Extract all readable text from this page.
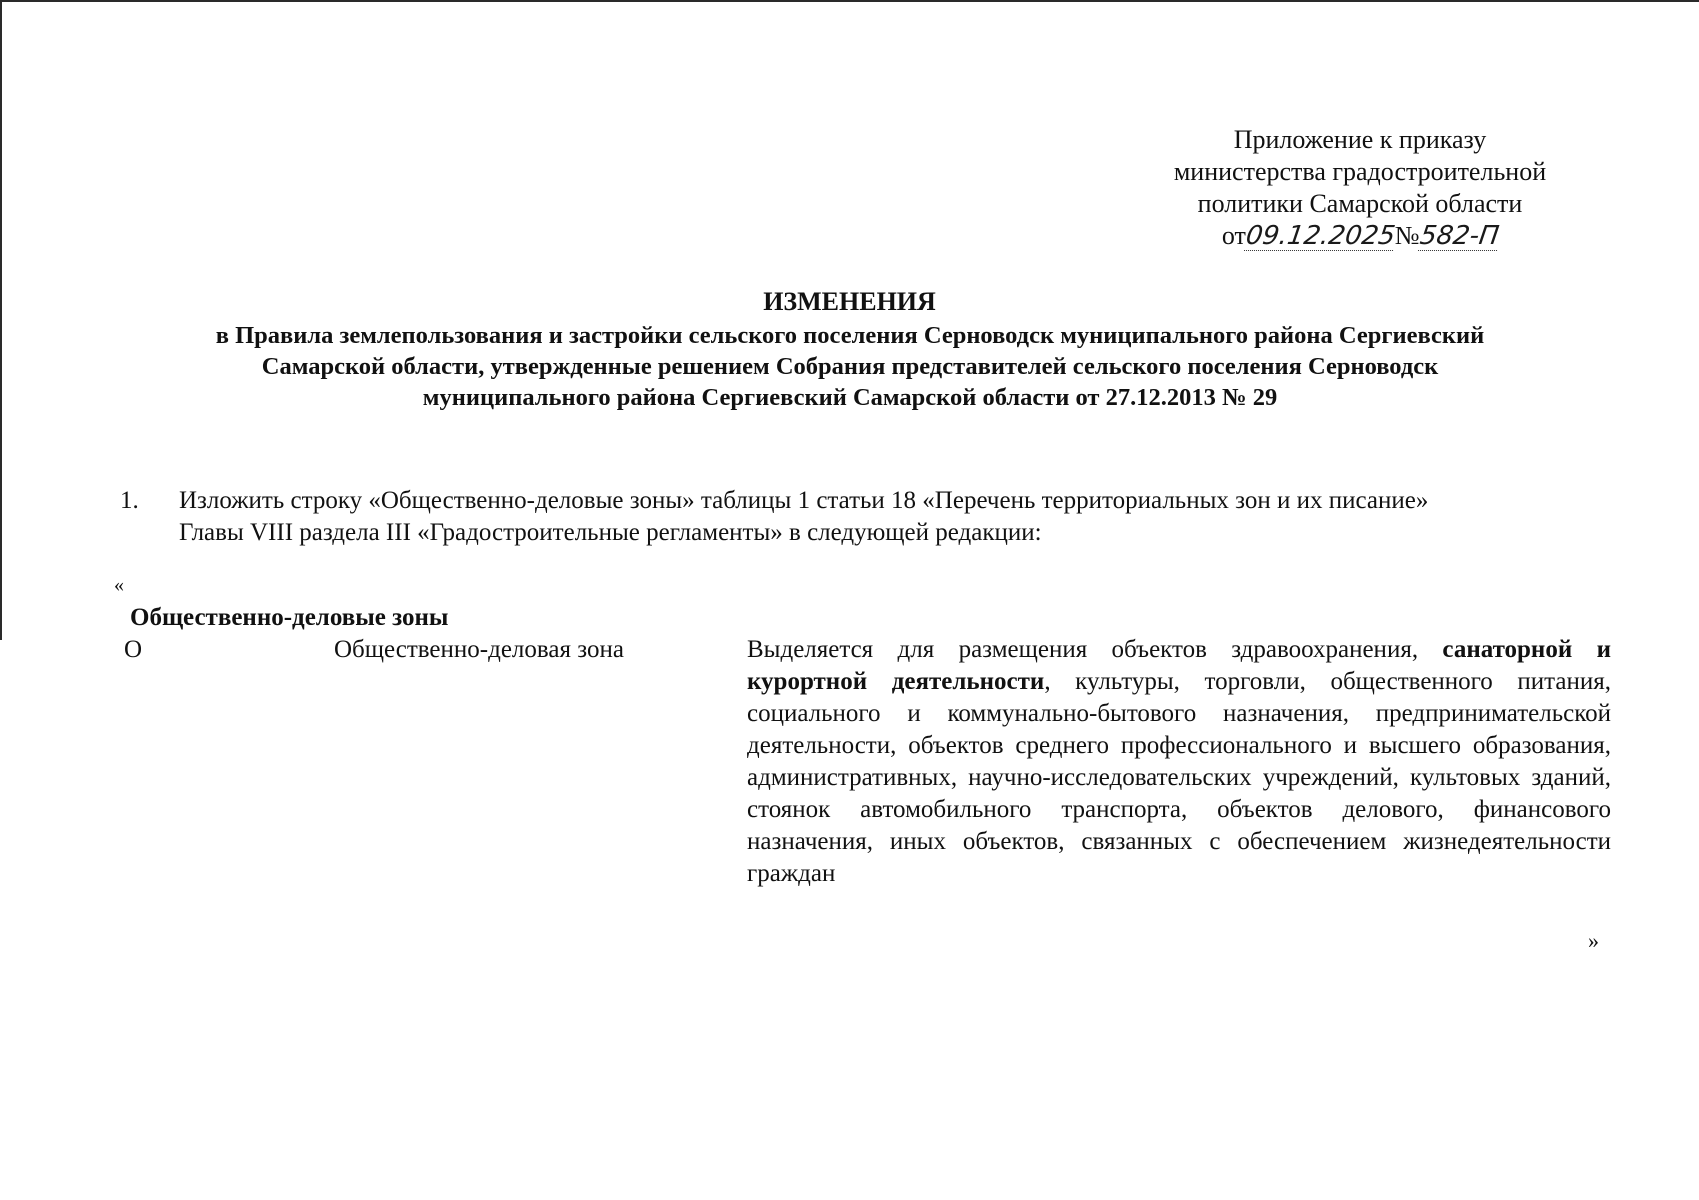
Приложение к приказу
министерства градостроительной
политики Самарской области
от09.12.2025№582-П
ИЗМЕНЕНИЯ
в Правила землепользования и застройки сельского поселения Серноводск муниципального района Сергиевский
Самарской области, утвержденные решением Собрания представителей сельского поселения Серноводск
муниципального района Сергиевский Самарской области от 27.12.2013 № 29
1. Изложить строку «Общественно-деловые зоны» таблицы 1 статьи 18 «Перечень территориальных зон и их писание»
Главы VIII раздела III «Градостроительные регламенты» в следующей редакции:
«
Общественно-деловые зоны
О	Общественно-деловая зона	Выделяется для размещения объектов здравоохранения, санаторной и курортной деятельности, культуры, торговли, общественного питания, социального и коммунально-бытового назначения, предпринимательской деятельности, объектов среднего профессионального и высшего образования, административных, научно-исследовательских учреждений, культовых зданий, стоянок автомобильного транспорта, объектов делового, финансового назначения, иных объектов, связанных с обеспечением жизнедеятельности граждан
»
